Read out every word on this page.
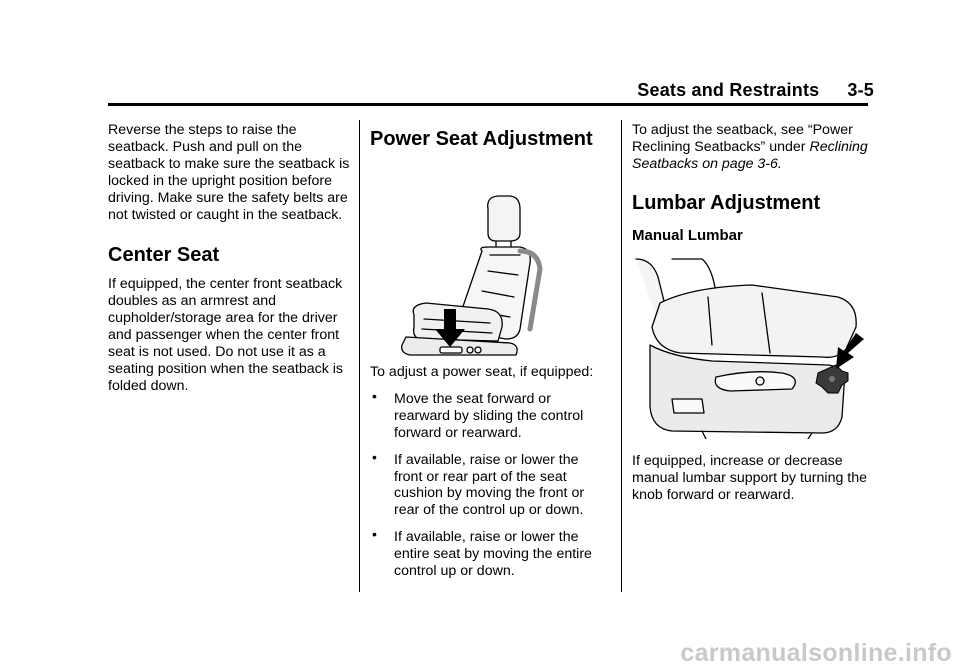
Seats and Restraints 3-5

Reverse the steps to raise the seatback. Push and pull on the seatback to make sure the seatback is locked in the upright position before driving. Make sure the safety belts are not twisted or caught in the seatback.

Center Seat

If equipped, the center front seatback doubles as an armrest and cupholder/storage area for the driver and passenger when the center front seat is not used. Do not use it as a seating position when the seatback is folded down.

Power Seat Adjustment

To adjust a power seat, if equipped:

• Move the seat forward or rearward by sliding the control forward or rearward.
• If available, raise or lower the front or rear part of the seat cushion by moving the front or rear of the control up or down.
• If available, raise or lower the entire seat by moving the entire control up or down.

To adjust the seatback, see “Power Reclining Seatbacks” under Reclining Seatbacks on page 3-6.

Lumbar Adjustment
Manual Lumbar

If equipped, increase or decrease manual lumbar support by turning the knob forward or rearward.

carmanualsonline.info
